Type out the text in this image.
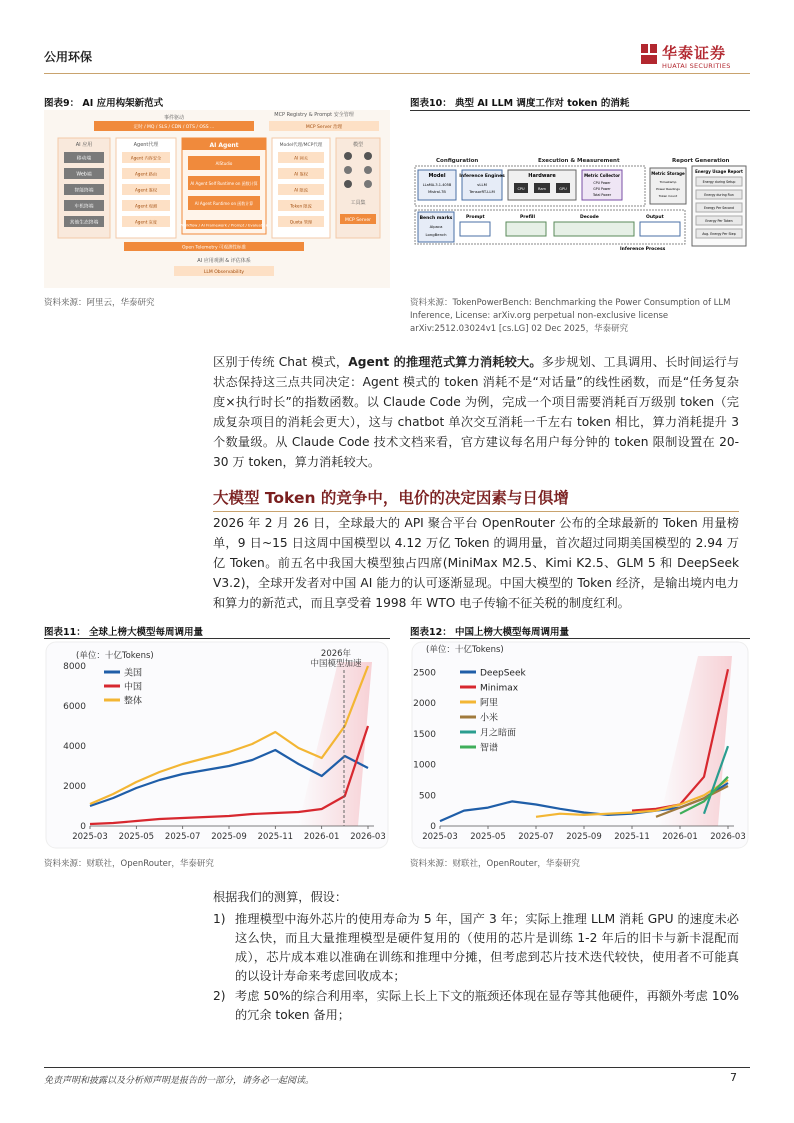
公用环保	华泰证券
HUATAI SECURITIES
图表9： AI 应用构架新范式
事件驱动
定时 / MQ / SLS / CDN / OTS / OSS ...
MCP Registry & Prompt 安全管理
MCP Server 治理
AI 应用
移动端
Web端
智能终端
车机终端
其他生态终端
Agent代理
Agent 内容安全
Agent 路由
Agent 鉴权
Agent 观测
Agent 灰度
AI Agent
AIStudio
AI Agent Self Runtime on 函数计算
AI Agent Runtime on 函数计算
Workflow / AI Framework / Prompt / Evaluation
Model代理/MCP代理
AI 网关
AI 鉴权
AI 限流
Token 限流
Quota 管理
模型
工具集
MCP Server
Open Telemetry 可观测性标准
AI 应用观测 & 评估体系
LLM Observability
资料来源：阿里云，华泰研究
图表10： 典型 AI LLM 调度工作对 token 的消耗
Configuration	Execution & Measurement	Report Generation
Model
LLaMA-3.1-405B
Mistral-7B
Inference Engines
vLLM
TensorRT-LLM
Hardware
CPU	Ram	GPU
Metric Collector
CPU Power
GPU Power
Total Power
Metric Storage
Timestamp
Power Readings
Token Count
Energy Usage Report
Energy during Setup
Energy during Run
Energy Per Second
Energy Per Token
Avg. Energy Per Step
Bench marks
Alpaca
LongBench
Prompt	Prefill	Decode	Output
Inference Process
资料来源：TokenPowerBench: Benchmarking the Power Consumption of LLM
Inference, License: arXiv.org perpetual non-exclusive license
arXiv:2512.03024v1 [cs.LG] 02 Dec 2025，华泰研究
区别于传统 Chat 模式，Agent 的推理范式算力消耗较大。多步规划、工具调用、长时间运行与状态保持这三点共同决定：Agent 模式的 token 消耗不是“对话量”的线性函数，而是“任务复杂度×执行时长”的指数函数。以 Claude Code 为例，完成一个项目需要消耗百万级别 token（完成复杂项目的消耗会更大），这与 chatbot 单次交互消耗一千左右 token 相比，算力消耗提升 3 个数量级。从 Claude Code 技术文档来看，官方建议每名用户每分钟的 token 限制设置在 20-30 万 token，算力消耗较大。
大模型 Token 的竞争中，电价的决定因素与日俱增
2026 年 2 月 26 日，全球最大的 API 聚合平台 OpenRouter 公布的全球最新的 Token 用量榜单，9 日~15 日这周中国模型以 4.12 万亿 Token 的调用量，首次超过同期美国模型的 2.94 万亿 Token。前五名中我国大模型独占四席(MiniMax M2.5、Kimi K2.5、GLM 5 和 DeepSeek V3.2)，全球开发者对中国 AI 能力的认可逐渐显现。中国大模型的 Token 经济，是输出境内电力和算力的新范式，而且享受着 1998 年 WTO 电子传输不征关税的制度红利。
图表11： 全球上榜大模型每周调用量
0
2000
4000
6000
8000
2025-03 2025-05 2025-07 2025-09 2025-11 2026-01 2026-03
(单位：十亿Tokens)
美国
中国
整体
2026年
中国模型加速
资料来源：财联社，OpenRouter，华泰研究
图表12： 中国上榜大模型每周调用量
0
500
1000
1500
2000
2500
2025-03 2025-05 2025-07 2025-09 2025-11 2026-01 2026-03
(单位：十亿Tokens)
DeepSeek
Minimax
阿里
小米
月之暗面
智谱
资料来源：财联社，OpenRouter，华泰研究
根据我们的测算，假设：
1) 推理模型中海外芯片的使用寿命为 5 年，国产 3 年；实际上推理 LLM 消耗 GPU 的速度未必这么快，而且大量推理模型是硬件复用的（使用的芯片是训练 1-2 年后的旧卡与新卡混配而成），芯片成本难以准确在训练和推理中分摊，但考虑到芯片技术迭代较快，使用者不可能真的以设计寿命来考虑回收成本；
2) 考虑 50%的综合利用率，实际上长上下文的瓶颈还体现在显存等其他硬件，再额外考虑 10%的冗余 token 备用；
免责声明和披露以及分析师声明是报告的一部分，请务必一起阅读。	7
